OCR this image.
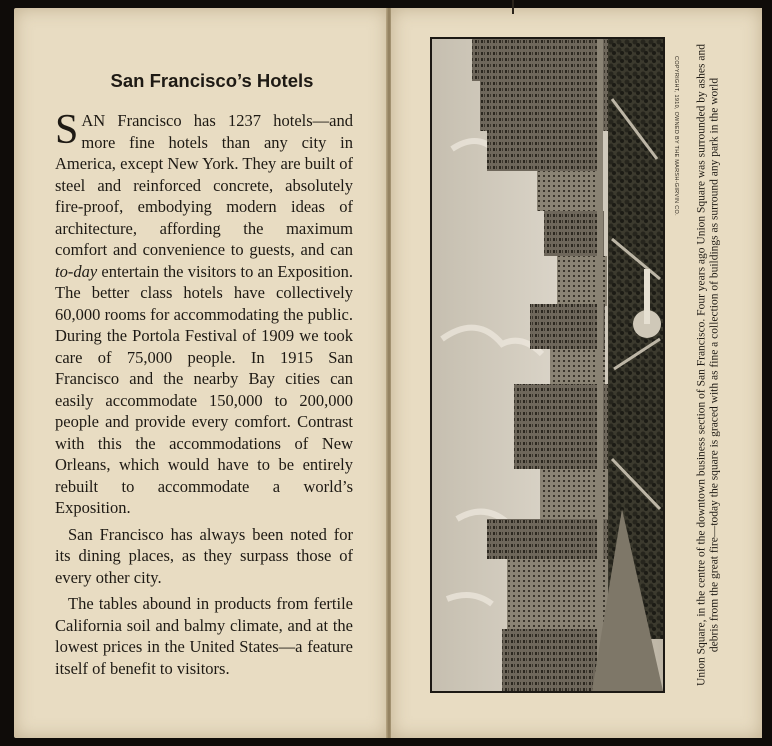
San Francisco’s Hotels

SAN Francisco has 1237 hotels—and more fine hotels than any city in America, except New York. They are built of steel and reinforced concrete, absolutely fire-proof, embodying modern ideas of architecture, affording the maximum comfort and convenience to guests, and can to-day entertain the visitors to an Exposition. The better class hotels have collectively 60,000 rooms for accommodating the public. During the Portola Festival of 1909 we took care of 75,000 people. In 1915 San Francisco and the nearby Bay cities can easily accommodate 150,000 to 200,000 people and provide every comfort. Contrast with this the accommodations of New Orleans, which would have to be entirely rebuilt to accommodate a world’s Exposition.

San Francisco has always been noted for its dining places, as they surpass those of every other city.

The tables abound in products from fertile California soil and balmy climate, and at the lowest prices in the United States—a feature itself of benefit to visitors.	Union Square, in the centre of the downtown business section of San Francisco. Four years ago Union Square was surrounded by ashes and debris from the great fire—today the square is graced with as fine a collection of buildings as surround any park in the world
COPYRIGHT, 1910, OWNED BY THE MARSH-GIRVIN CO.
